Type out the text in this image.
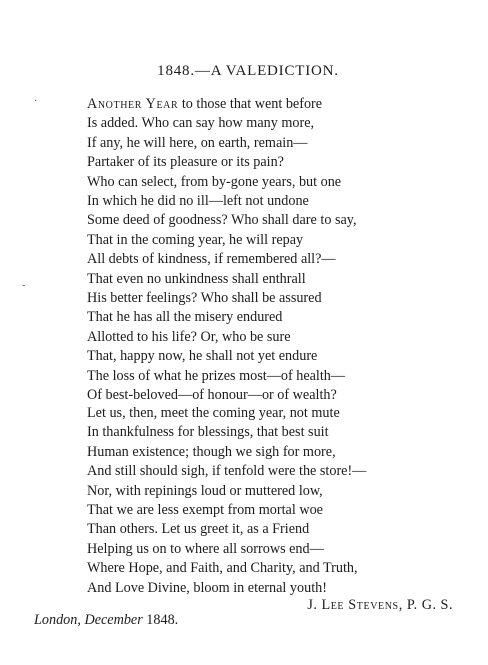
1848.—A VALEDICTION.
·
-
Another Year to those that went before
Is added. Who can say how many more,
If any, he will here, on earth, remain—
Partaker of its pleasure or its pain?
Who can select, from by-gone years, but one
In which he did no ill—left not undone
Some deed of goodness? Who shall dare to say,
That in the coming year, he will repay
All debts of kindness, if remembered all?—
That even no unkindness shall enthrall
His better feelings? Who shall be assured
That he has all the misery endured
Allotted to his life? Or, who be sure
That, happy now, he shall not yet endure
The loss of what he prizes most—of health—
Of best-beloved—of honour—or of wealth?
Let us, then, meet the coming year, not mute
In thankfulness for blessings, that best suit
Human existence; though we sigh for more,
And still should sigh, if tenfold were the store!—
Nor, with repinings loud or muttered low,
That we are less exempt from mortal woe
Than others. Let us greet it, as a Friend
Helping us on to where all sorrows end—
Where Hope, and Faith, and Charity, and Truth,
And Love Divine, bloom in eternal youth!
J. Lee Stevens, P. G. S.
London, December 1848.
